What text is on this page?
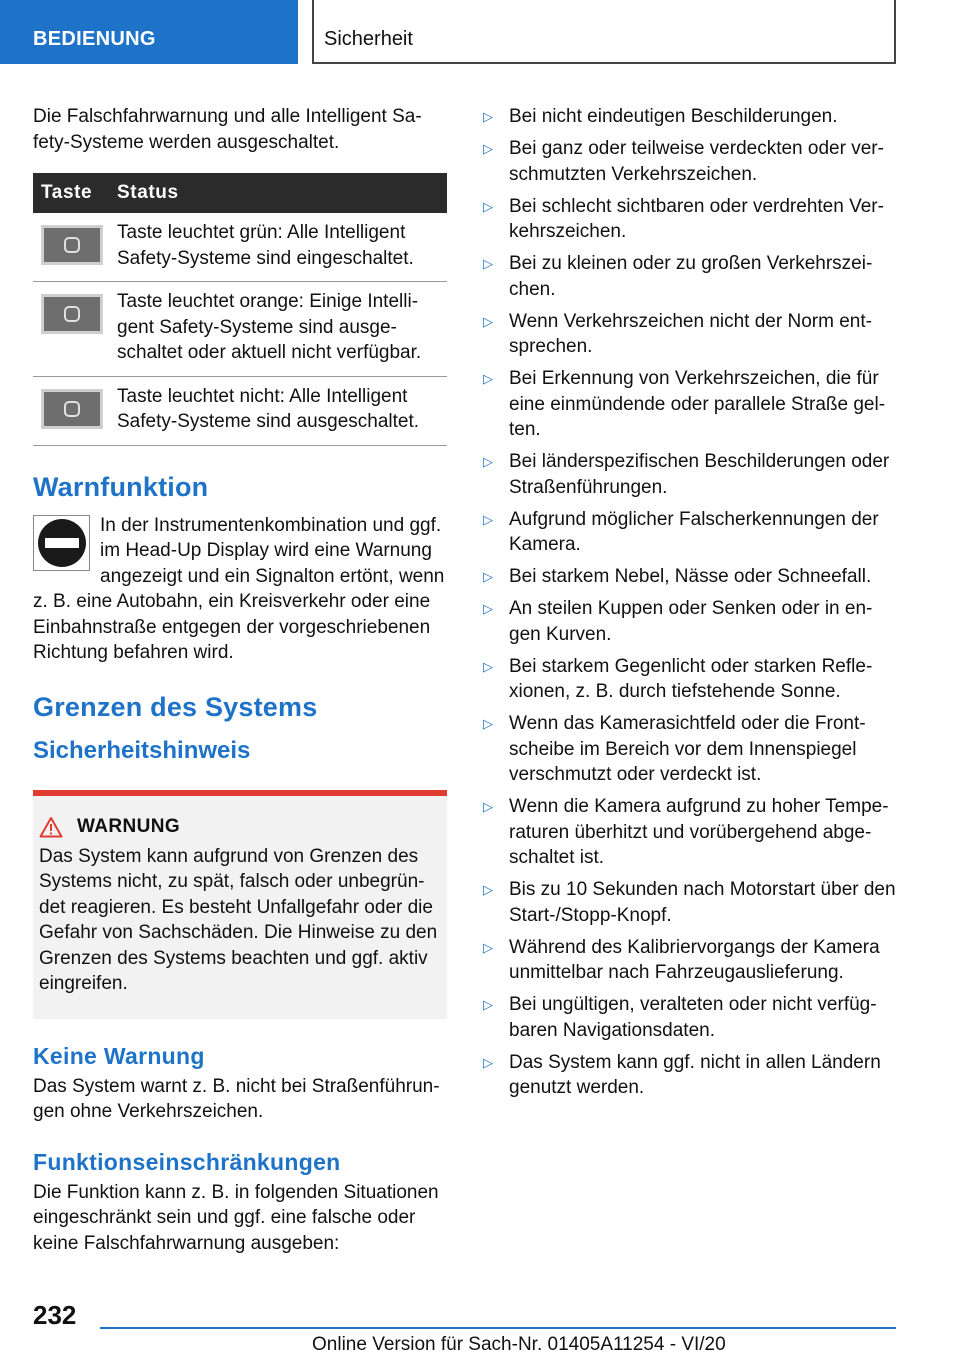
BEDIENUNG	Sicherheit

Die Falschfahrwarnung und alle Intelligent Safety-Systeme werden ausgeschaltet.

Taste	Status

	Taste leuchtet grün: Alle Intelligent Safety-Systeme sind eingeschaltet.

	Taste leuchtet orange: Einige Intelligent Safety-Systeme sind ausgeschaltet oder aktuell nicht verfügbar.

	Taste leuchtet nicht: Alle Intelligent Safety-Systeme sind ausgeschaltet.
Warnfunktion

In der Instrumentenkombination und ggf. im Head-Up Display wird eine Warnung angezeigt und ein Signalton ertönt, wenn z. B. eine Autobahn, ein Kreisverkehr oder eine Einbahnstraße entgegen der vorgeschriebenen Richtung befahren wird.

Grenzen des Systems
Sicherheitshinweis
WARNUNG

Das System kann aufgrund von Grenzen des Systems nicht, zu spät, falsch oder unbegründet reagieren. Es besteht Unfallgefahr oder die Gefahr von Sachschäden. Die Hinweise zu den Grenzen des Systems beachten und ggf. aktiv eingreifen.

Keine Warnung

Das System warnt z. B. nicht bei Straßenführungen ohne Verkehrszeichen.

Funktionseinschränkungen

Die Funktion kann z. B. in folgenden Situationen eingeschränkt sein und ggf. eine falsche oder keine Falschfahrwarnung ausgeben:

▷ Bei nicht eindeutigen Beschilderungen.
▷ Bei ganz oder teilweise verdeckten oder verschmutzten Verkehrszeichen.
▷ Bei schlecht sichtbaren oder verdrehten Verkehrszeichen.
▷ Bei zu kleinen oder zu großen Verkehrszeichen.
▷ Wenn Verkehrszeichen nicht der Norm entsprechen.
▷ Bei Erkennung von Verkehrszeichen, die für eine einmündende oder parallele Straße gelten.
▷ Bei länderspezifischen Beschilderungen oder Straßenführungen.
▷ Aufgrund möglicher Falscherkennungen der Kamera.
▷ Bei starkem Nebel, Nässe oder Schneefall.
▷ An steilen Kuppen oder Senken oder in engen Kurven.
▷ Bei starkem Gegenlicht oder starken Reflexionen, z. B. durch tiefstehende Sonne.
▷ Wenn das Kamerasichtfeld oder die Frontscheibe im Bereich vor dem Innenspiegel verschmutzt oder verdeckt ist.
▷ Wenn die Kamera aufgrund zu hoher Temperaturen überhitzt und vorübergehend abgeschaltet ist.
▷ Bis zu 10 Sekunden nach Motorstart über den Start-/Stopp-Knopf.
▷ Während des Kalibriervorgangs der Kamera unmittelbar nach Fahrzeugauslieferung.
▷ Bei ungültigen, veralteten oder nicht verfügbaren Navigationsdaten.
▷ Das System kann ggf. nicht in allen Ländern genutzt werden.
232
Online Version für Sach-Nr. 01405A11254 - VI/20
